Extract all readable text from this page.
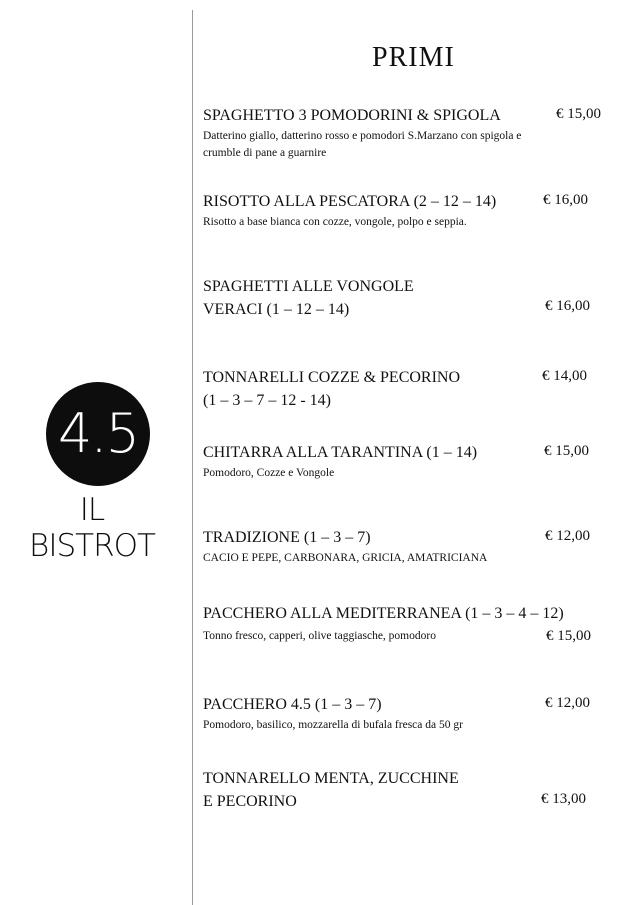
4.5
IL BISTROT
PRIMI
SPAGHETTO 3 POMODORINI & SPIGOLA
Datterino giallo, datterino rosso e pomodori S.Marzano con spigola e crumble di pane a guarnire
€ 15,00
RISOTTO ALLA PESCATORA (2 – 12 – 14)
Risotto a base bianca con cozze, vongole, polpo e seppia.
€ 16,00
SPAGHETTI ALLE VONGOLE
VERACI (1 – 12 – 14)	€ 16,00
TONNARELLI COZZE & PECORINO
(1 – 3 – 7 – 12 - 14)
€ 14,00
CHITARRA ALLA TARANTINA (1 – 14)
Pomodoro, Cozze e Vongole
€ 15,00
TRADIZIONE (1 – 3 – 7)
CACIO E PEPE, CARBONARA, GRICIA, AMATRICIANA
€ 12,00
PACCHERO ALLA MEDITERRANEA (1 – 3 – 4 – 12)
Tonno fresco, capperi, olive taggiasche, pomodoro	€ 15,00
PACCHERO 4.5 (1 – 3 – 7)
Pomodoro, basilico, mozzarella di bufala fresca da 50 gr
€ 12,00
TONNARELLO MENTA, ZUCCHINE
E PECORINO	€ 13,00
